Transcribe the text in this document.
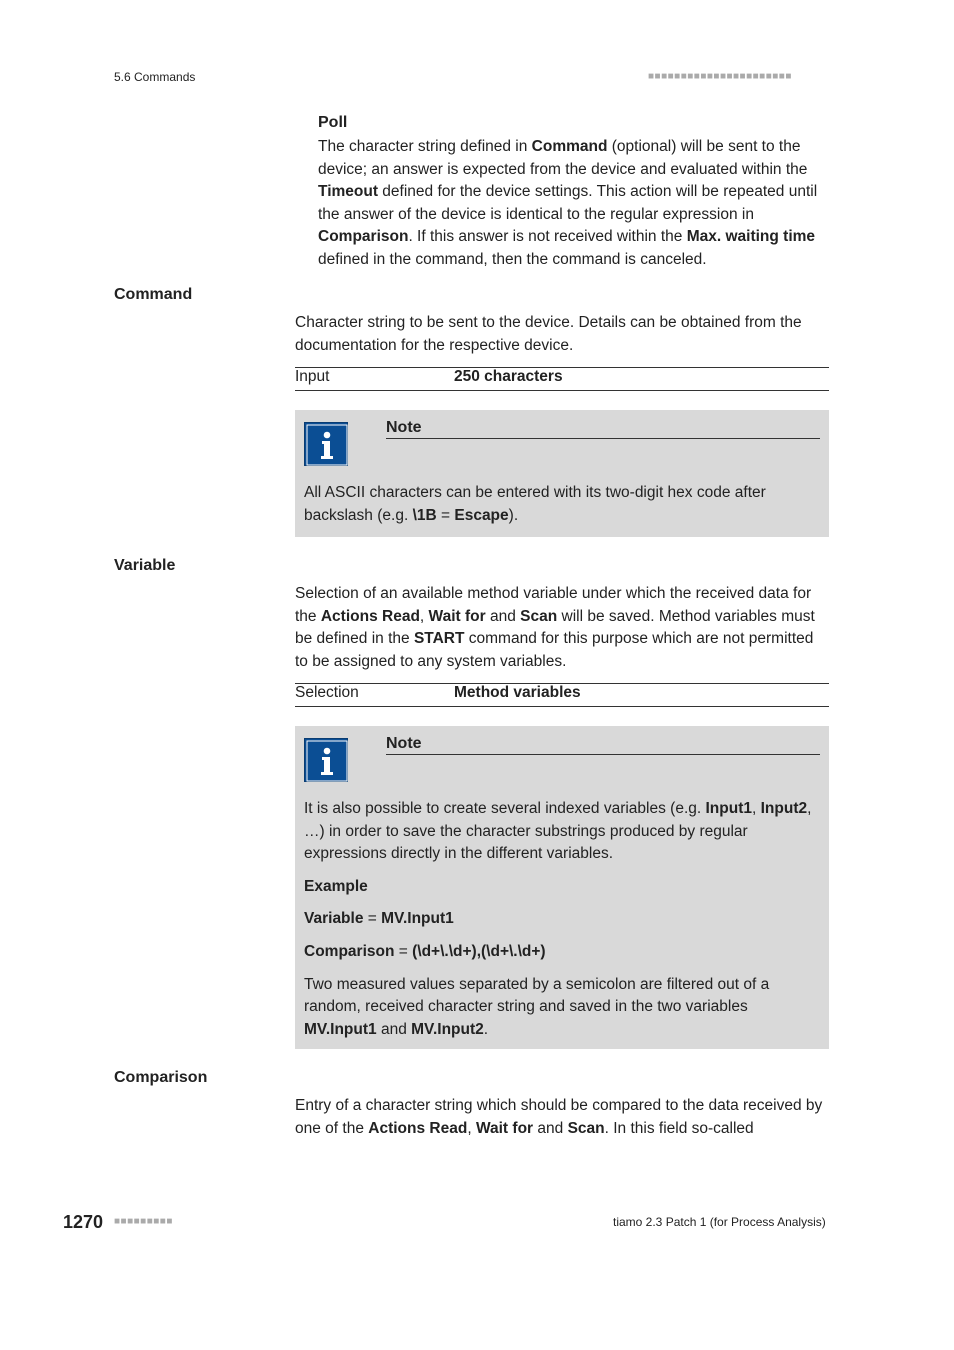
5.6 Commands	■■■■■■■■■■■■■■■■■■■■■■
Poll
The character string defined in Command (optional) will be sent to the device; an answer is expected from the device and evaluated within the Timeout defined for the device settings. This action will be repeated until the answer of the device is identical to the regular expression in Comparison. If this answer is not received within the Max. waiting time defined in the command, then the command is canceled.
Command
Character string to be sent to the device. Details can be obtained from the documentation for the respective device.
Input	250 characters
Note

All ASCII characters can be entered with its two-digit hex code after backslash (e.g. \1B = Escape).

Variable
Selection of an available method variable under which the received data for the Actions Read, Wait for and Scan will be saved. Method variables must be defined in the START command for this purpose which are not permitted to be assigned to any system variables.
Selection	Method variables
Note

It is also possible to create several indexed variables (e.g. Input1, Input2, …) in order to save the character substrings produced by regular expressions directly in the different variables.

Example

Variable = MV.Input1

Comparison = (\d+\.\d+),(\d+\.\d+)

Two measured values separated by a semicolon are filtered out of a random, received character string and saved in the two variables MV.Input1 and MV.Input2.

Comparison
Entry of a character string which should be compared to the data received by one of the Actions Read, Wait for and Scan. In this field so-called
1270 ■■■■■■■■■	tiamo 2.3 Patch 1 (for Process Analysis)
